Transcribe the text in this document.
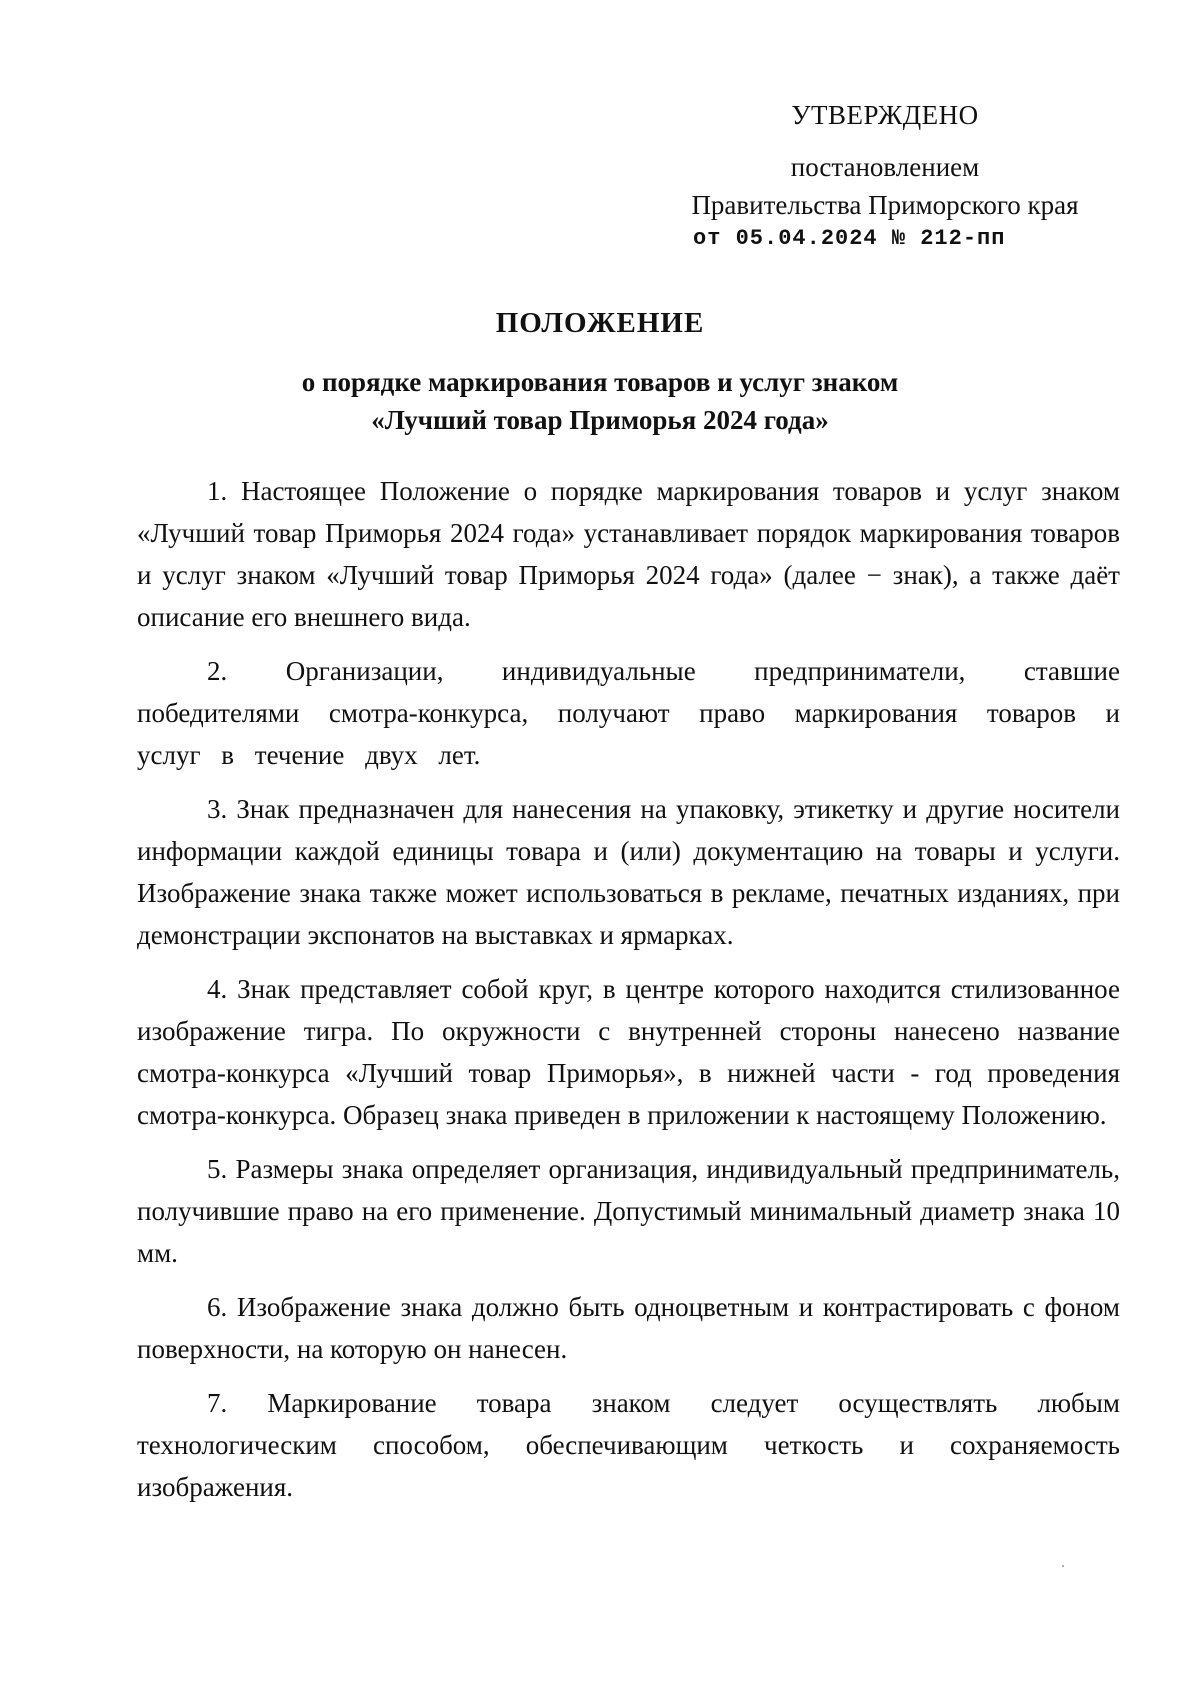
УТВЕРЖДЕНО
постановлением
Правительства Приморского края
от 05.04.2024 № 212-пп
ПОЛОЖЕНИЕ
о порядке маркирования товаров и услуг знаком
«Лучший товар Приморья 2024 года»

1. Настоящее Положение о порядке маркирования товаров и услуг знаком «Лучший товар Приморья 2024 года» устанавливает порядок маркирования товаров и услуг знаком «Лучший товар Приморья 2024 года» (далее − знак), а также даёт описание его внешнего вида.

2. Организации, индивидуальные предприниматели, ставшие победителями смотра-конкурса, получают право маркирования товаров и услуг в течение двух лет.

3. Знак предназначен для нанесения на упаковку, этикетку и другие носители информации каждой единицы товара и (или) документацию на товары и услуги. Изображение знака также может использоваться в рекламе, печатных изданиях, при демонстрации экспонатов на выставках и ярмарках.

4. Знак представляет собой круг, в центре которого находится стилизованное изображение тигра. По окружности с внутренней стороны нанесено название смотра-конкурса «Лучший товар Приморья», в нижней части - год проведения смотра-конкурса. Образец знака приведен в приложении к настоящему Положению.

5. Размеры знака определяет организация, индивидуальный предприниматель, получившие право на его применение. Допустимый минимальный диаметр знака 10 мм.

6. Изображение знака должно быть одноцветным и контрастировать с фоном поверхности, на которую он нанесен.

7. Маркирование товара знаком следует осуществлять любым технологическим способом, обеспечивающим четкость и сохраняемость изображения.
